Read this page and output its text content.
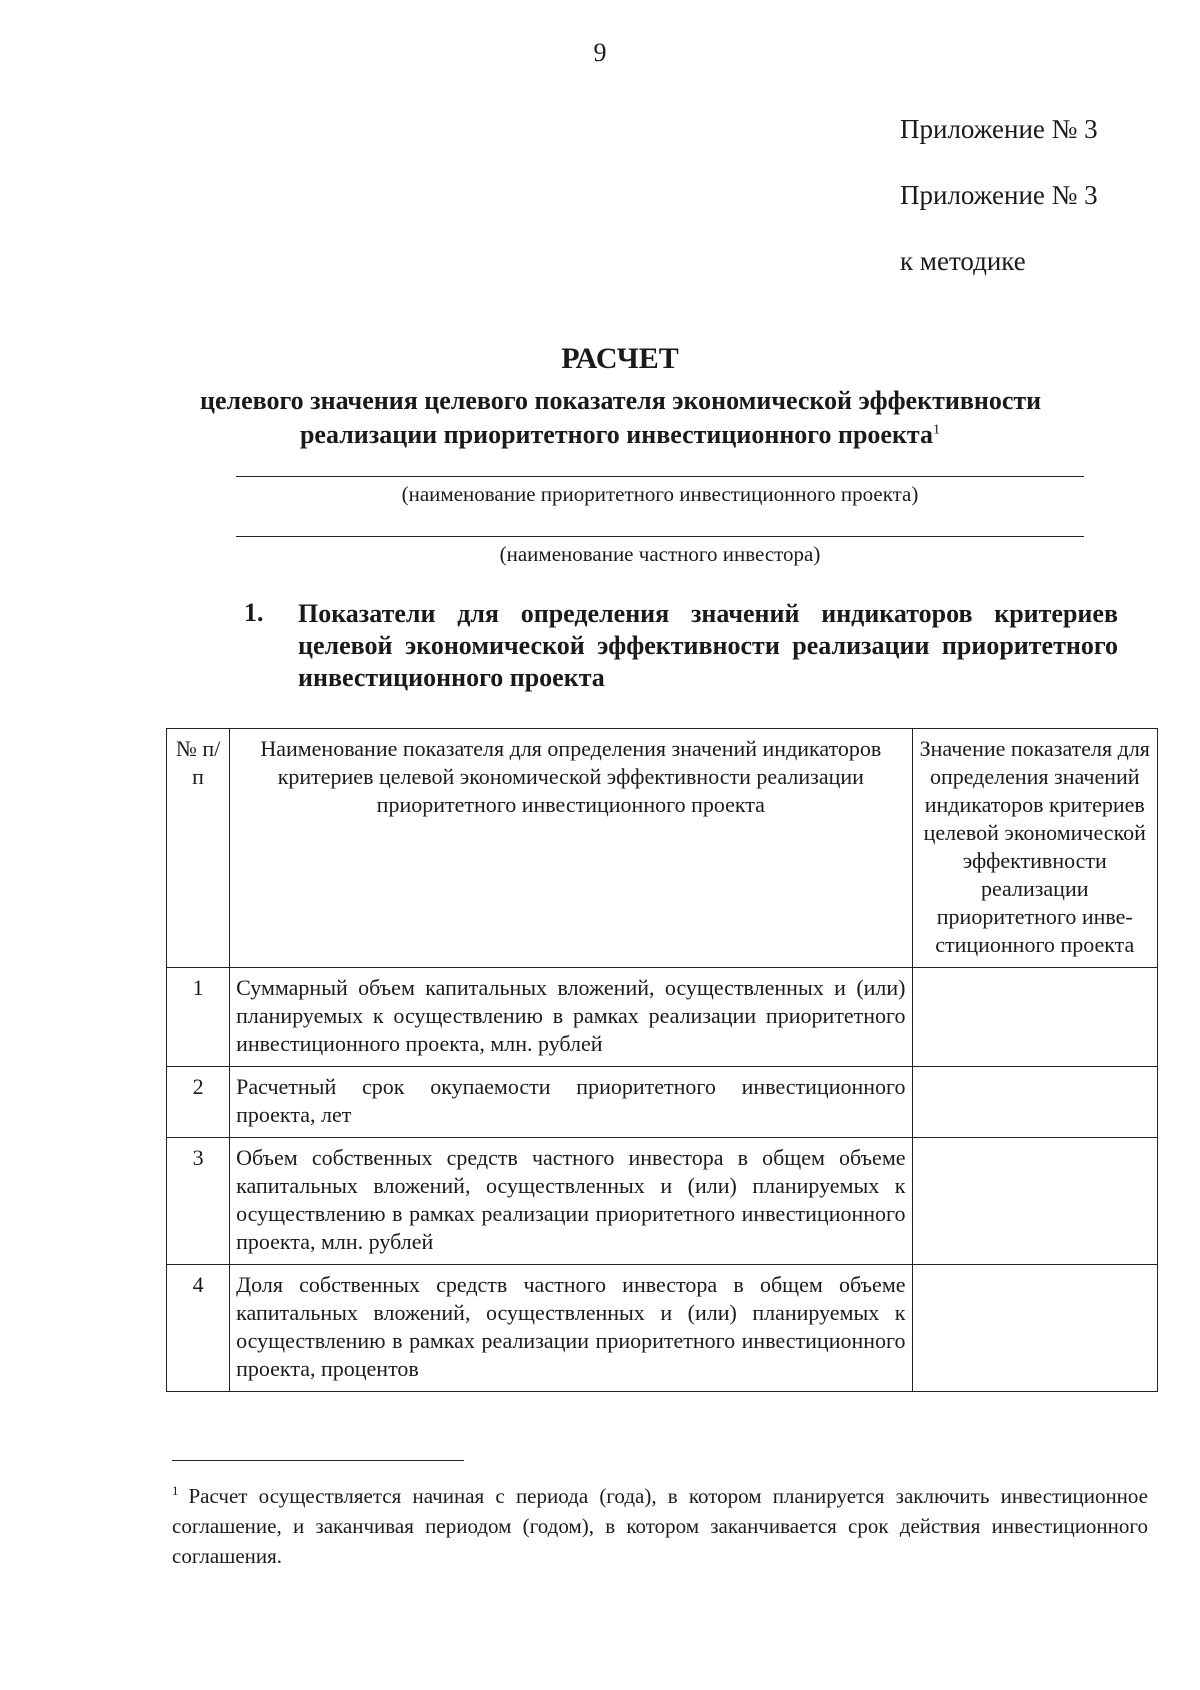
9
Приложение № 3
Приложение № 3
к методике
РАСЧЕТ
целевого значения целевого показателя экономической эффективности
реализации приоритетного инвестиционного проекта$^1$
(наименование приоритетного инвестиционного проекта)
(наименование частного инвестора)
1. Показатели для определения значений индикаторов критериев целевой экономической эффективности реализации приоритетного инвестиционного проекта
№ п/п	Наименование показателя для определения значений индикаторов критериев целевой экономической эффективности реализации приоритетного инвестиционного проекта	Значение показателя для определения значений индикаторов критериев целевой экономической эффективности реализации приоритетного инвестиционного проекта
1	Суммарный объем капитальных вложений, осуществленных и (или) планируемых к осуществлению в рамках реализации приоритетного инвестиционного проекта, млн. рублей	
2	Расчетный срок окупаемости приоритетного инвестиционного проекта, лет	
3	Объем собственных средств частного инвестора в общем объеме капитальных вложений, осуществленных и (или) планируемых к осуществлению в рамках реализации приоритетного инвестиционного проекта, млн. рублей	
4	Доля собственных средств частного инвестора в общем объеме капитальных вложений, осуществленных и (или) планируемых к осуществлению в рамках реализации приоритетного инвестиционного проекта, процентов	
$^1$ Расчет осуществляется начиная с периода (года), в котором планируется заключить инвестиционное соглашение, и заканчивая периодом (годом), в котором заканчивается срок действия инвестиционного соглашения.
